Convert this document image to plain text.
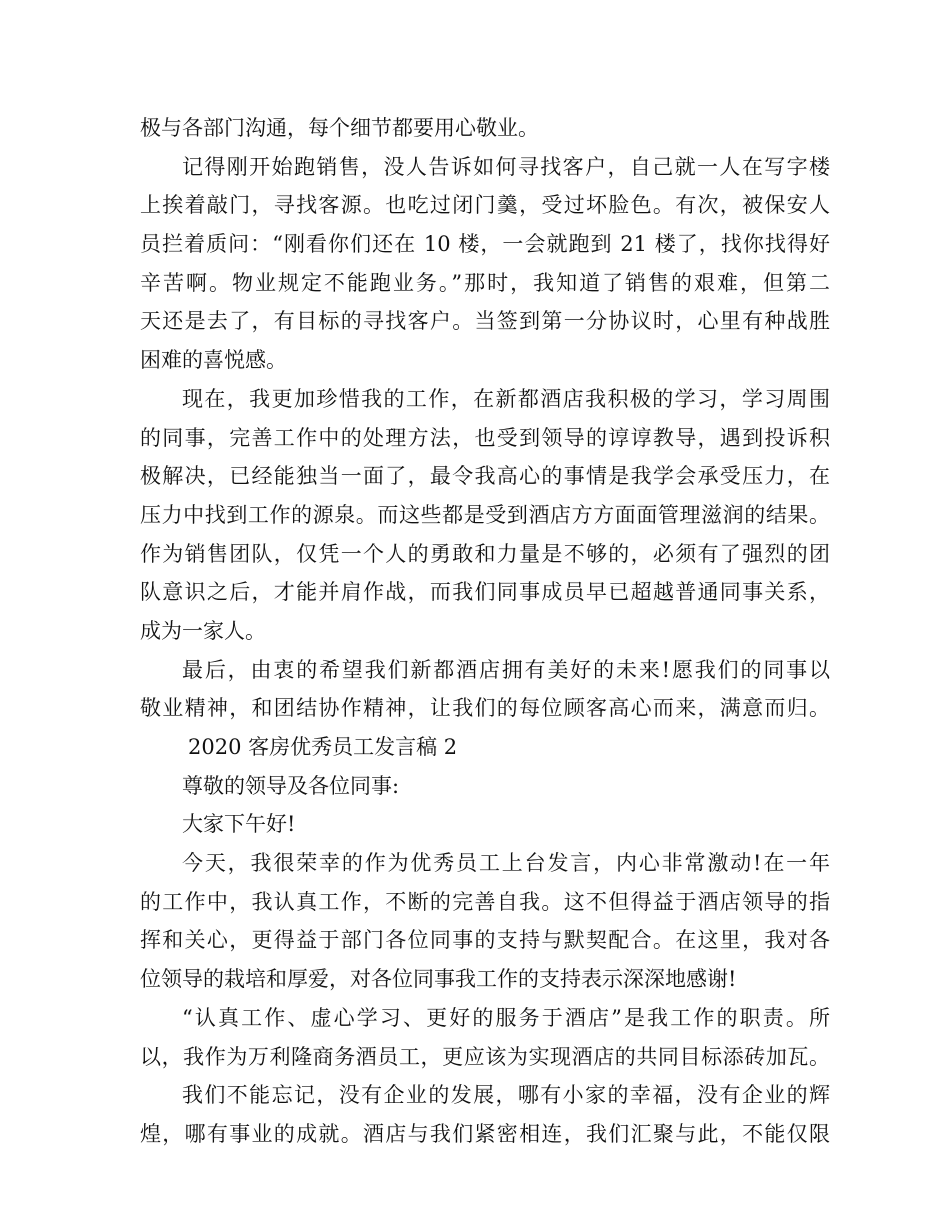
极与各部门沟通，每个细节都要用心敬业。
记得刚开始跑销售，没人告诉如何寻找客户，自己就一人在写字楼
上挨着敲门，寻找客源。也吃过闭门羹，受过坏脸色。有次，被保安人
员拦着质问：“刚看你们还在 10 楼，一会就跑到 21 楼了，找你找得好
辛苦啊。物业规定不能跑业务。”那时，我知道了销售的艰难，但第二
天还是去了，有目标的寻找客户。当签到第一分协议时，心里有种战胜
困难的喜悦感。
现在，我更加珍惜我的工作，在新都酒店我积极的学习，学习周围
的同事，完善工作中的处理方法，也受到领导的谆谆教导，遇到投诉积
极解决，已经能独当一面了，最令我高心的事情是我学会承受压力，在
压力中找到工作的源泉。而这些都是受到酒店方方面面管理滋润的结果。
作为销售团队，仅凭一个人的勇敢和力量是不够的，必须有了强烈的团
队意识之后，才能并肩作战，而我们同事成员早已超越普通同事关系，
成为一家人。
最后，由衷的希望我们新都酒店拥有美好的未来!愿我们的同事以
敬业精神，和团结协作精神，让我们的每位顾客高心而来，满意而归。
2020 客房优秀员工发言稿 2
尊敬的领导及各位同事:
大家下午好!
今天，我很荣幸的作为优秀员工上台发言，内心非常激动!在一年
的工作中，我认真工作，不断的完善自我。这不但得益于酒店领导的指
挥和关心，更得益于部门各位同事的支持与默契配合。在这里，我对各
位领导的栽培和厚爱，对各位同事我工作的支持表示深深地感谢!
“认真工作、虚心学习、更好的服务于酒店”是我工作的职责。所
以，我作为万利隆商务酒员工，更应该为实现酒店的共同目标添砖加瓦。
我们不能忘记，没有企业的发展，哪有小家的幸福，没有企业的辉
煌，哪有事业的成就。酒店与我们紧密相连，我们汇聚与此，不能仅限
